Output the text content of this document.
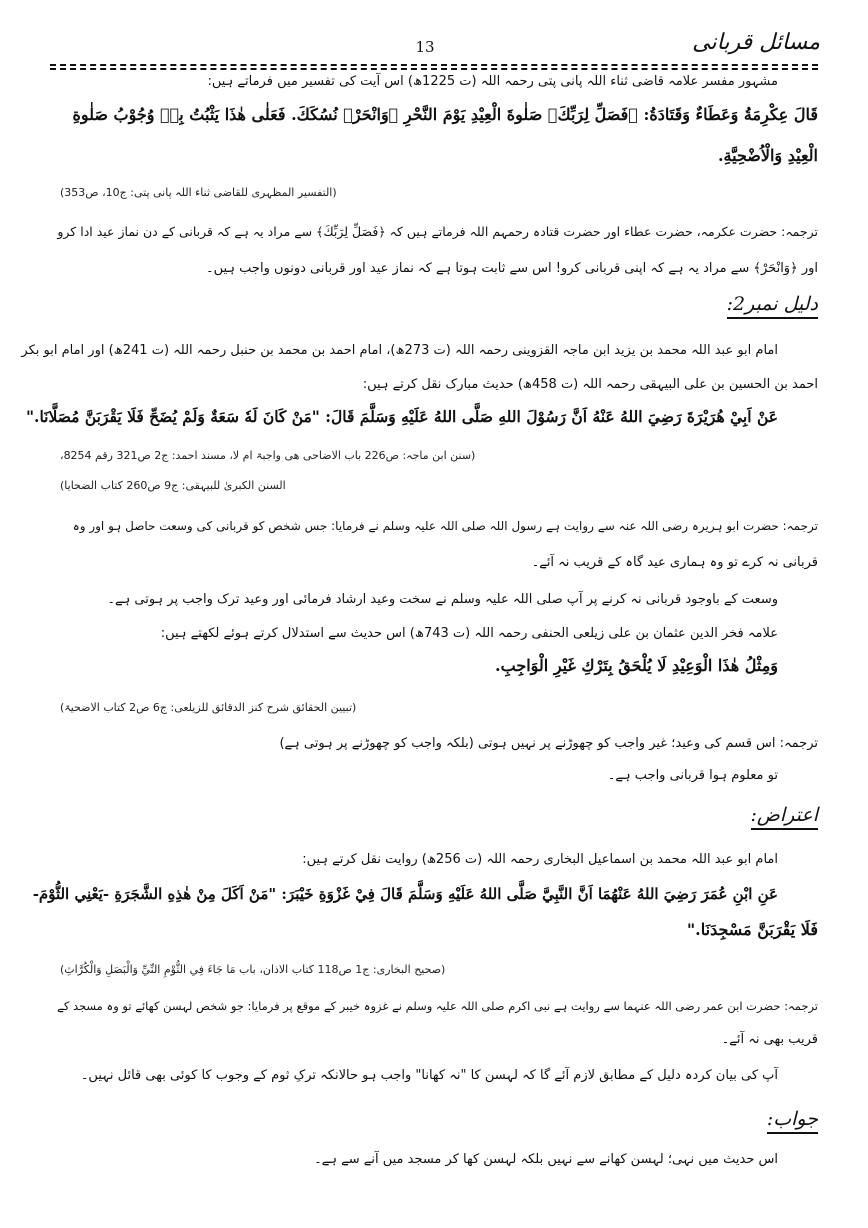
مسائل قربانی
13
مشہور مفسر علامہ قاضی ثناء اللہ پانی پتی رحمہ اللہ (ت 1225ھ) اس آیت کی تفسیر میں فرماتے ہیں:
قَالَ عِكْرِمَةُ وَعَطَاءٌ وَقَتَادَةُ: ﴿فَصَلِّ لِرَبِّكَ﴾ صَلٰوةَ الْعِيْدِ يَوْمَ النَّحْرِ ﴿وَانْحَرْ﴾ نُسُكَكَ. فَعَلٰى هٰذَا يَثْبُتُ بِهٖ وُجُوْبُ صَلٰوةِ
الْعِيْدِ وَالْاُضْحِيَّةِ.
(التفسیر المظہری للقاضی ثناء اللہ پانی پتی: ج10، ص353)
ترجمہ: حضرت عکرمہ، حضرت عطاء اور حضرت قتادہ رحمہم اللہ فرماتے ہیں کہ ﴿فَصَلِّ لِرَبِّكَ﴾ سے مراد یہ ہے کہ قربانی کے دن نماز عید ادا کرو
اور ﴿وَانْحَرْ﴾ سے مراد یہ ہے کہ اپنی قربانی کرو! اس سے ثابت ہوتا ہے کہ نماز عید اور قربانی دونوں واجب ہیں۔
دلیل نمبر2:
امام ابو عبد اللہ محمد بن یزید ابن ماجہ القزوینی رحمہ اللہ (ت 273ھ)، امام احمد بن محمد بن حنبل رحمہ اللہ (ت 241ھ) اور امام ابو بکر
احمد بن الحسین بن علی البیہقی رحمہ اللہ (ت 458ھ) حدیث مبارک نقل کرتے ہیں:
عَنْ اَبِيْ هُرَيْرَةَ رَضِيَ اللهُ عَنْهُ اَنَّ رَسُوْلَ اللهِ صَلَّى اللهُ عَلَيْهِ وَسَلَّمَ قَالَ: "مَنْ كَانَ لَهٗ سَعَةٌ وَلَمْ يُضَحِّ فَلَا يَقْرَبَنَّ مُصَلَّانَا."
(سنن ابن ماجہ: ص226 باب الاضاحی ھی واجبۃ ام لا، مسند احمد: ج2 ص321 رقم 8254،
السنن الکبریٰ للبیہقی: ج9 ص260 کتاب الضحایا)
ترجمہ: حضرت ابو ہریرہ رضی اللہ عنہ سے روایت ہے رسول اللہ صلی اللہ علیہ وسلم نے فرمایا: جس شخص کو قربانی کی وسعت حاصل ہو اور وہ
قربانی نہ کرے تو وہ ہماری عید گاہ کے قریب نہ آئے۔
وسعت کے باوجود قربانی نہ کرنے پر آپ صلی اللہ علیہ وسلم نے سخت وعید ارشاد فرمائی اور وعید ترک واجب پر ہوتی ہے۔
علامہ فخر الدین عثمان بن علی زیلعی الحنفی رحمہ اللہ (ت 743ھ) اس حدیث سے استدلال کرتے ہوئے لکھتے ہیں:
وَمِثْلُ هٰذَا الْوَعِيْدِ لَا يُلْحَقُ بِتَرْكِ غَيْرِ الْوَاجِبِ.
(تبیین الحقائق شرح کنز الدقائق للزیلعی: ج6 ص2 کتاب الاضحیۃ)
ترجمہ: اس قسم کی وعید؛ غیر واجب کو چھوڑنے پر نہیں ہوتی (بلکہ واجب کو چھوڑنے پر ہوتی ہے)
تو معلوم ہوا قربانی واجب ہے۔
اعتراض:
امام ابو عبد اللہ محمد بن اسماعیل البخاری رحمہ اللہ (ت 256ھ) روایت نقل کرتے ہیں:
عَنِ ابْنِ عُمَرَ رَضِيَ اللهُ عَنْهُمَا اَنَّ النَّبِيَّ صَلَّى اللهُ عَلَيْهِ وَسَلَّمَ قَالَ فِيْ غَزْوَةِ خَيْبَرَ: "مَنْ اَكَلَ مِنْ هٰذِهِ الشَّجَرَةِ -يَعْنِي الثُّوْمَ-
فَلَا يَقْرَبَنَّ مَسْجِدَنَا."
(صحیح البخاری: ج1 ص118 کتاب الاذان، باب مَا جَاءَ فِي الثُّوْمِ النِّيِّ وَالْبَصَلِ وَالْكُرَّاثِ)
ترجمہ: حضرت ابن عمر رضی اللہ عنہما سے روایت ہے نبی اکرم صلی اللہ علیہ وسلم نے غزوہ خیبر کے موقع پر فرمایا: جو شخص لہسن کھائے تو وہ مسجد کے
قریب بھی نہ آئے۔
آپ کی بیان کردہ دلیل کے مطابق لازم آئے گا کہ لہسن کا "نہ کھانا" واجب ہو حالانکہ ترکِ ثوم کے وجوب کا کوئی بھی قائل نہیں۔
جواب:
اس حدیث میں نہی؛ لہسن کھانے سے نہیں بلکہ لہسن کھا کر مسجد میں آنے سے ہے۔
